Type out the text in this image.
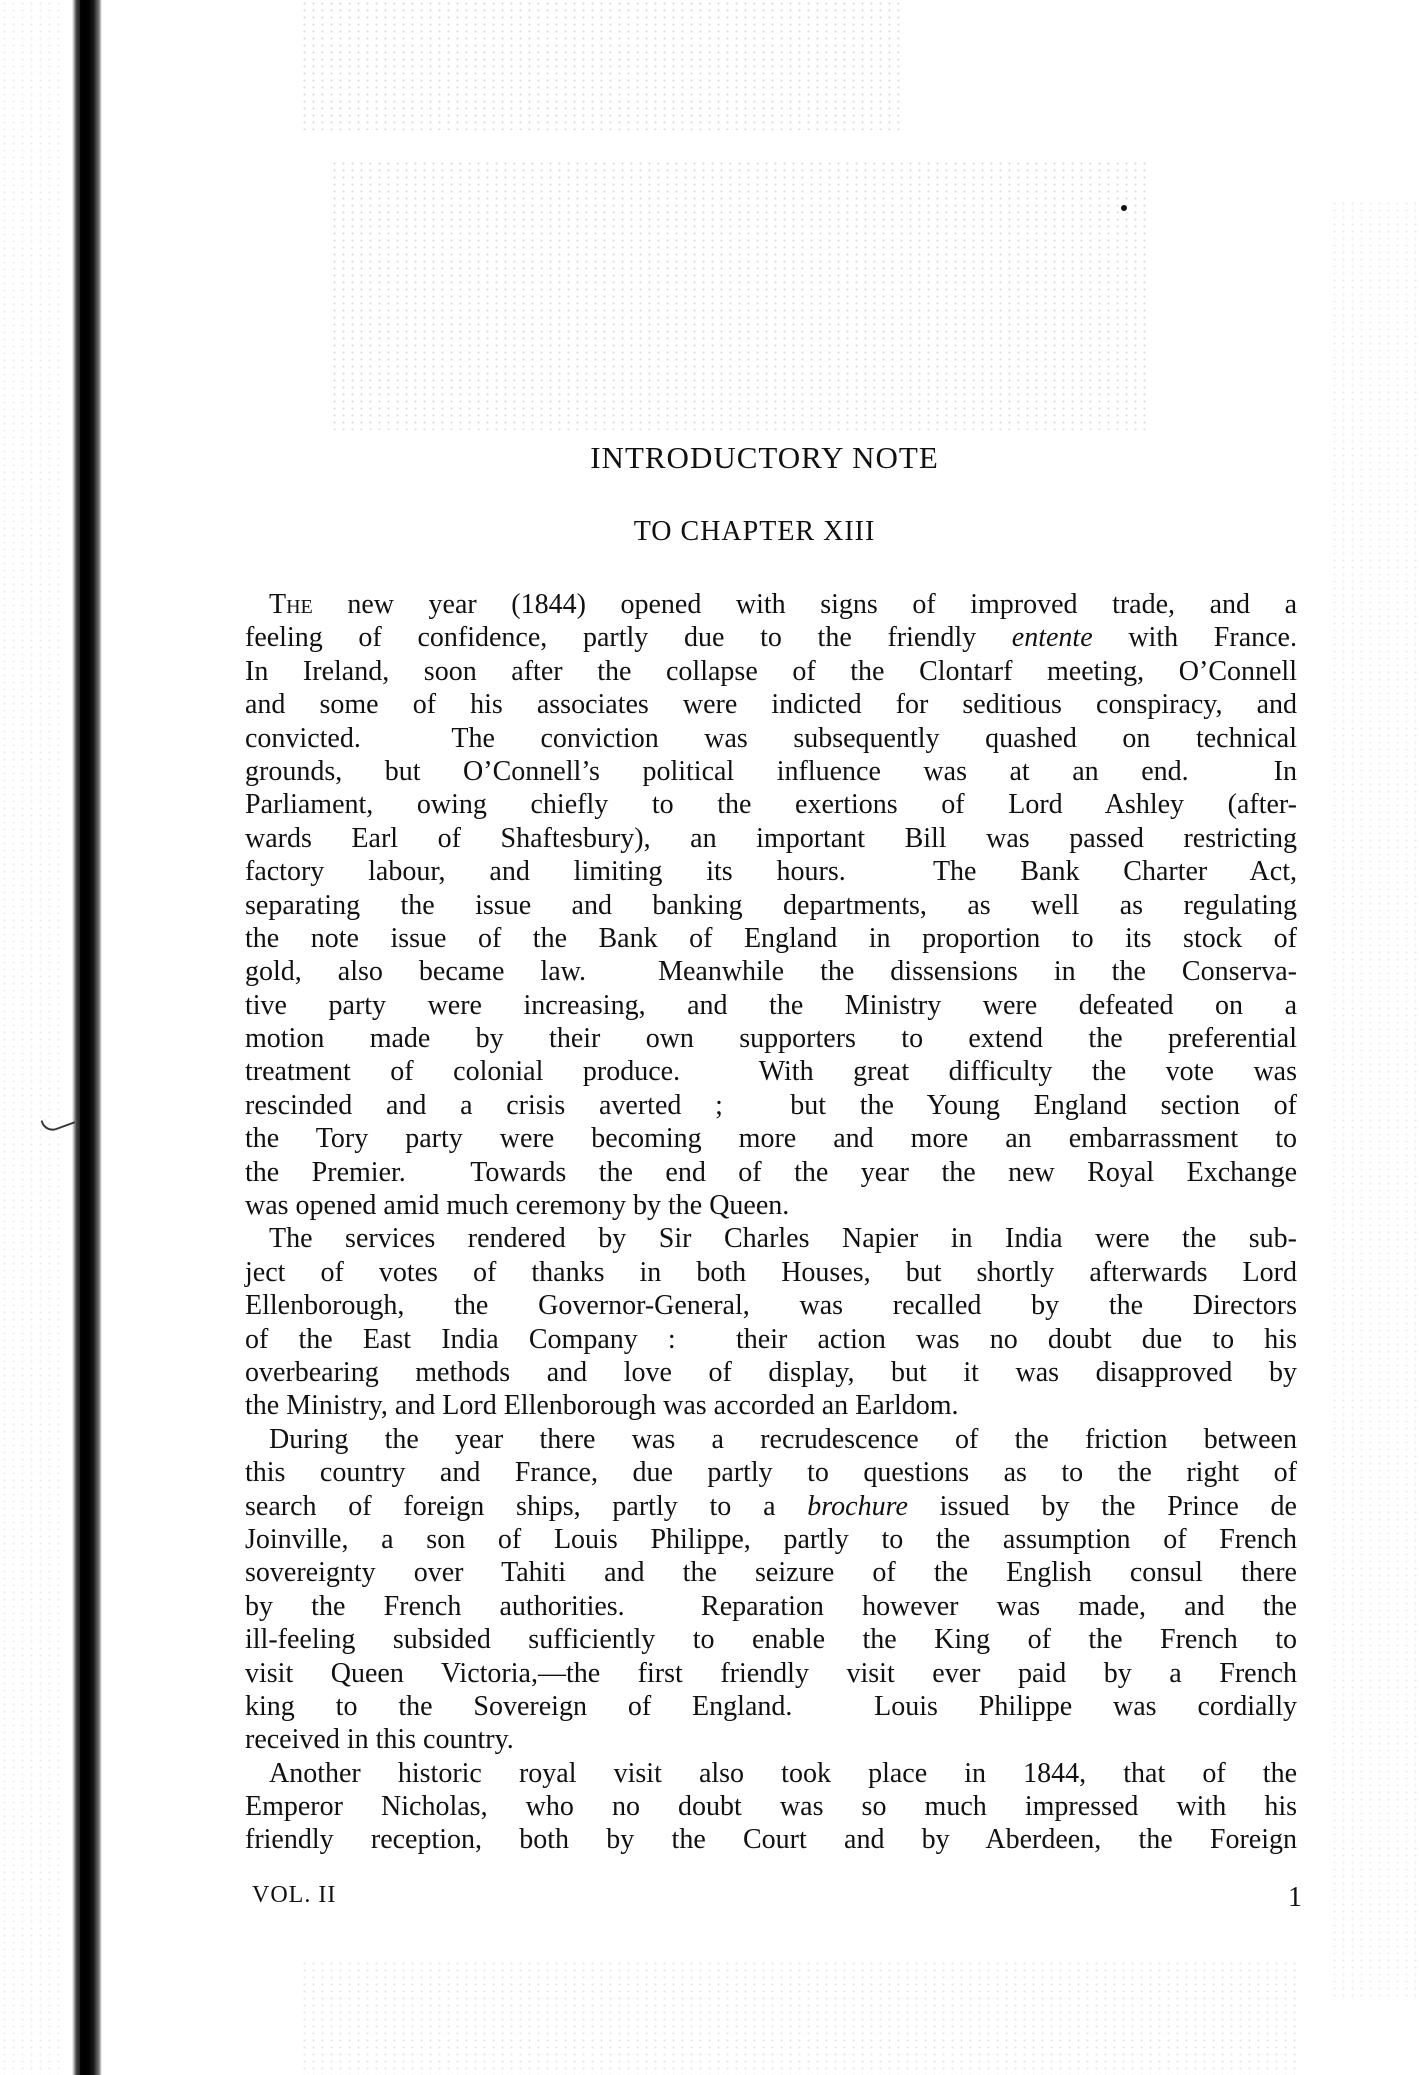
INTRODUCTORY NOTE
TO CHAPTER XIII
The new year (1844) opened with signs of improved trade, and a
feeling of confidence, partly due to the friendly entente with France.
In Ireland, soon after the collapse of the Clontarf meeting, O’Connell
and some of his associates were indicted for seditious conspiracy, and
convicted.  The conviction was subsequently quashed on technical
grounds, but O’Connell’s political influence was at an end.  In
Parliament, owing chiefly to the exertions of Lord Ashley (after-
wards Earl of Shaftesbury), an important Bill was passed restricting
factory labour, and limiting its hours.  The Bank Charter Act,
separating the issue and banking departments, as well as regulating
the note issue of the Bank of England in proportion to its stock of
gold, also became law.  Meanwhile the dissensions in the Conserva-
tive party were increasing, and the Ministry were defeated on a
motion made by their own supporters to extend the preferential
treatment of colonial produce.  With great difficulty the vote was
rescinded and a crisis averted ;  but the Young England section of
the Tory party were becoming more and more an embarrassment to
the Premier.  Towards the end of the year the new Royal Exchange
was opened amid much ceremony by the Queen.
The services rendered by Sir Charles Napier in India were the sub-
ject of votes of thanks in both Houses, but shortly afterwards Lord
Ellenborough, the Governor-General, was recalled by the Directors
of the East India Company :  their action was no doubt due to his
overbearing methods and love of display, but it was disapproved by
the Ministry, and Lord Ellenborough was accorded an Earldom.
During the year there was a recrudescence of the friction between
this country and France, due partly to questions as to the right of
search of foreign ships, partly to a brochure issued by the Prince de
Joinville, a son of Louis Philippe, partly to the assumption of French
sovereignty over Tahiti and the seizure of the English consul there
by the French authorities.  Reparation however was made, and the
ill-feeling subsided sufficiently to enable the King of the French to
visit Queen Victoria,—the first friendly visit ever paid by a French
king to the Sovereign of England.  Louis Philippe was cordially
received in this country.
Another historic royal visit also took place in 1844, that of the
Emperor Nicholas, who no doubt was so much impressed with his
friendly reception, both by the Court and by Aberdeen, the Foreign
VOL. II	1
